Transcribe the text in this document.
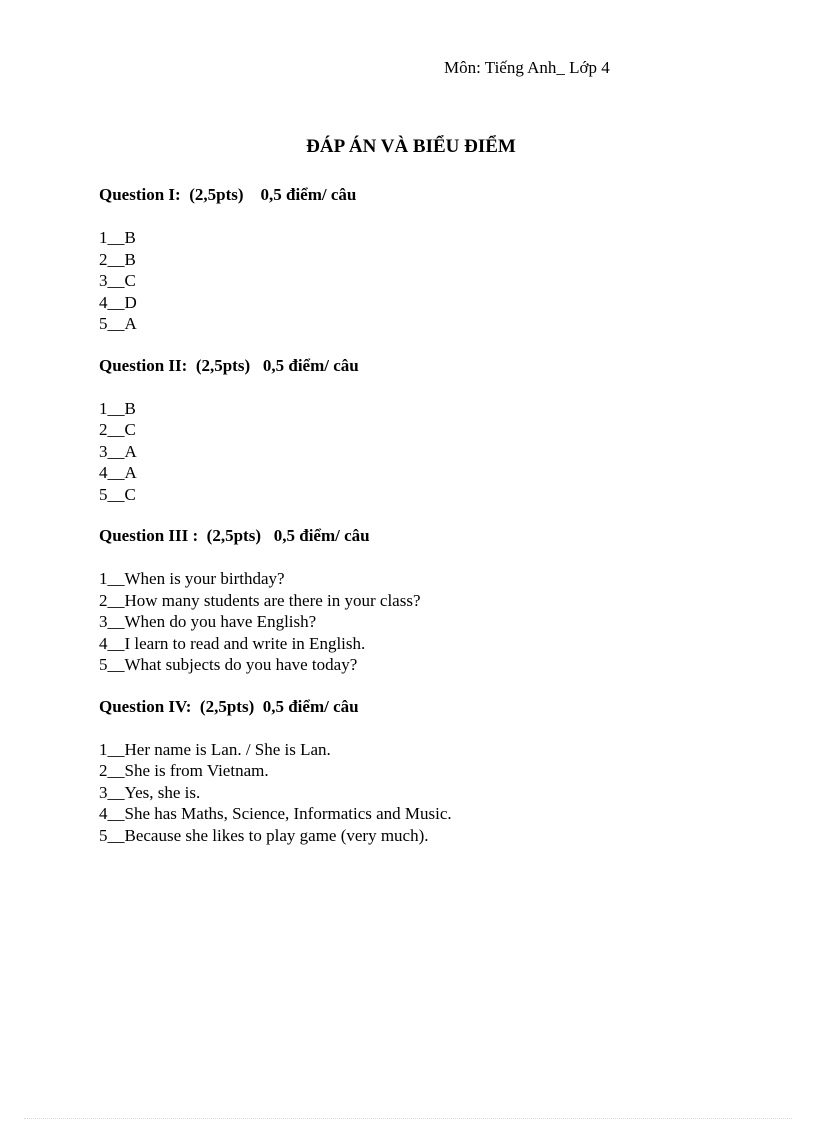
Môn: Tiếng Anh_ Lớp 4
ĐÁP ÁN VÀ BIỂU ĐIỂM
Question I:  (2,5pts)    0,5 điểm/ câu
1__B
2__B
3__C
4__D
5__A
Question II:  (2,5pts)   0,5 điểm/ câu
1__B
2__C
3__A
4__A
5__C
Question III :  (2,5pts)   0,5 điểm/ câu
1__When is your birthday?
2__How many students are there in your class?
3__When do you have English?
4__I learn to read and write in English.
5__What subjects do you have today?
Question IV:  (2,5pts)  0,5 điểm/ câu
1__Her name is Lan. / She is Lan.
2__She is from Vietnam.
3__Yes, she is.
4__She has Maths, Science, Informatics and Music.
5__Because she likes to play game (very much).
